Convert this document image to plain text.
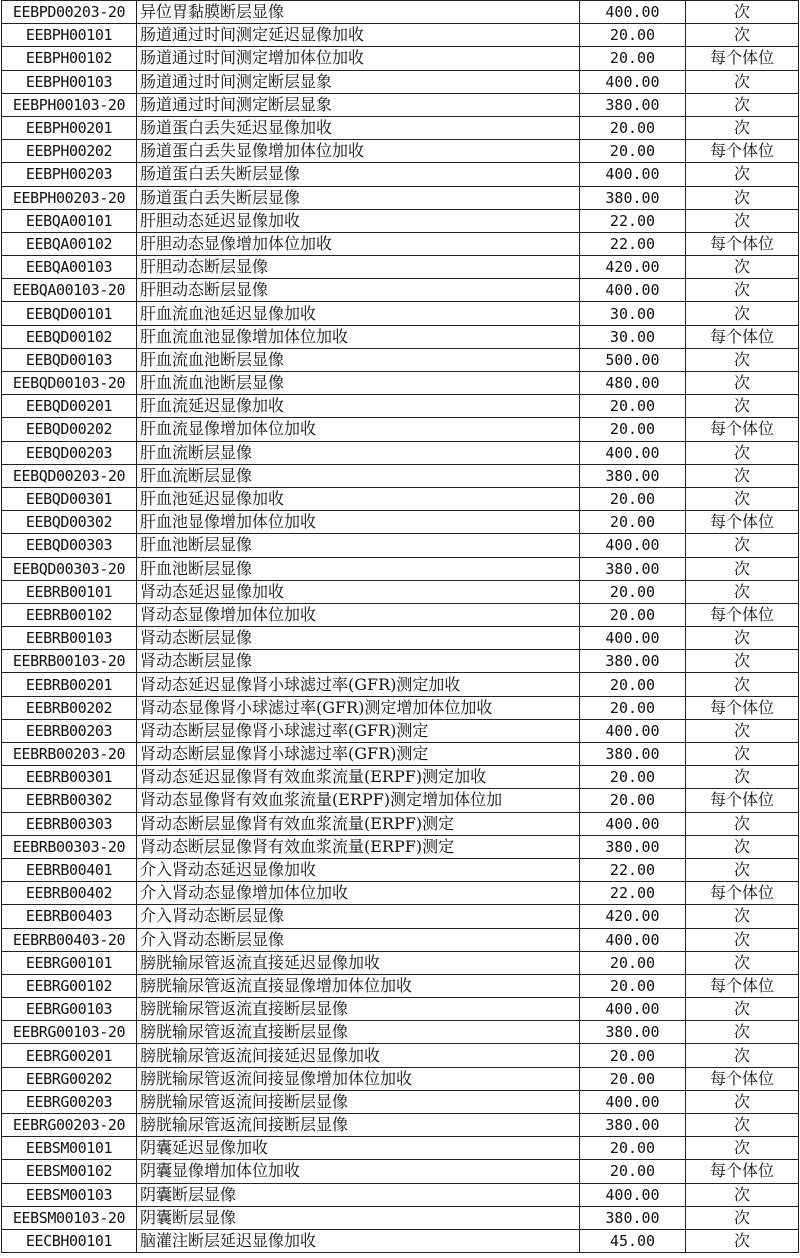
EEBPD00203-20	异位胃黏膜断层显像	400.00	次
EEBPH00101	肠道通过时间测定延迟显像加收	20.00	次
EEBPH00102	肠道通过时间测定增加体位加收	20.00	每个体位
EEBPH00103	肠道通过时间测定断层显象	400.00	次
EEBPH00103-20	肠道通过时间测定断层显象	380.00	次
EEBPH00201	肠道蛋白丢失延迟显像加收	20.00	次
EEBPH00202	肠道蛋白丢失显像增加体位加收	20.00	每个体位
EEBPH00203	肠道蛋白丢失断层显像	400.00	次
EEBPH00203-20	肠道蛋白丢失断层显像	380.00	次
EEBQA00101	肝胆动态延迟显像加收	22.00	次
EEBQA00102	肝胆动态显像增加体位加收	22.00	每个体位
EEBQA00103	肝胆动态断层显像	420.00	次
EEBQA00103-20	肝胆动态断层显像	400.00	次
EEBQD00101	肝血流血池延迟显像加收	30.00	次
EEBQD00102	肝血流血池显像增加体位加收	30.00	每个体位
EEBQD00103	肝血流血池断层显像	500.00	次
EEBQD00103-20	肝血流血池断层显像	480.00	次
EEBQD00201	肝血流延迟显像加收	20.00	次
EEBQD00202	肝血流显像增加体位加收	20.00	每个体位
EEBQD00203	肝血流断层显像	400.00	次
EEBQD00203-20	肝血流断层显像	380.00	次
EEBQD00301	肝血池延迟显像加收	20.00	次
EEBQD00302	肝血池显像增加体位加收	20.00	每个体位
EEBQD00303	肝血池断层显像	400.00	次
EEBQD00303-20	肝血池断层显像	380.00	次
EEBRB00101	肾动态延迟显像加收	20.00	次
EEBRB00102	肾动态显像增加体位加收	20.00	每个体位
EEBRB00103	肾动态断层显像	400.00	次
EEBRB00103-20	肾动态断层显像	380.00	次
EEBRB00201	肾动态延迟显像肾小球滤过率(GFR)测定加收	20.00	次
EEBRB00202	肾动态显像肾小球滤过率(GFR)测定增加体位加收	20.00	每个体位
EEBRB00203	肾动态断层显像肾小球滤过率(GFR)测定	400.00	次
EEBRB00203-20	肾动态断层显像肾小球滤过率(GFR)测定	380.00	次
EEBRB00301	肾动态延迟显像肾有效血浆流量(ERPF)测定加收	20.00	次
EEBRB00302	肾动态显像肾有效血浆流量(ERPF)测定增加体位加	20.00	每个体位
EEBRB00303	肾动态断层显像肾有效血浆流量(ERPF)测定	400.00	次
EEBRB00303-20	肾动态断层显像肾有效血浆流量(ERPF)测定	380.00	次
EEBRB00401	介入肾动态延迟显像加收	22.00	次
EEBRB00402	介入肾动态显像增加体位加收	22.00	每个体位
EEBRB00403	介入肾动态断层显像	420.00	次
EEBRB00403-20	介入肾动态断层显像	400.00	次
EEBRG00101	膀胱输尿管返流直接延迟显像加收	20.00	次
EEBRG00102	膀胱输尿管返流直接显像增加体位加收	20.00	每个体位
EEBRG00103	膀胱输尿管返流直接断层显像	400.00	次
EEBRG00103-20	膀胱输尿管返流直接断层显像	380.00	次
EEBRG00201	膀胱输尿管返流间接延迟显像加收	20.00	次
EEBRG00202	膀胱输尿管返流间接显像增加体位加收	20.00	每个体位
EEBRG00203	膀胱输尿管返流间接断层显像	400.00	次
EEBRG00203-20	膀胱输尿管返流间接断层显像	380.00	次
EEBSM00101	阴囊延迟显像加收	20.00	次
EEBSM00102	阴囊显像增加体位加收	20.00	每个体位
EEBSM00103	阴囊断层显像	400.00	次
EEBSM00103-20	阴囊断层显像	380.00	次
EECBH00101	脑灌注断层延迟显像加收	45.00	次
